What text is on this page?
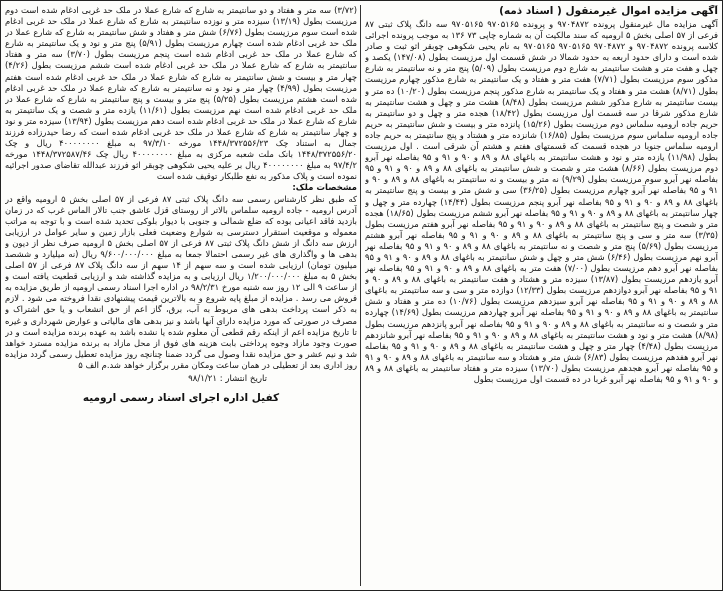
آگهی مزایده اموال غیرمنقول ( اسناد ذمه)

آگهی مزایده مال غیرمنقول پرونده ۹۷۰۴۸۷۲ و پرونده ۹۷۰۵۱۶۵ ۹۷۰۵۱۶۵ سه دانگ پلاک ثبتی ۸۷ فرعی از ۵۷ اصلی بخش ۵ ارومیه که سند مالکیت آن به شماره چاپی ۷۳ ۱۳۶ به موجب پرونده اجرائی کلاسه پرونده ۹۷۰۴۸۷۲ و ۹۷۰۴۸۷۲ ۹۷۰۵۱۶۵ ۹۷۰۵۱۶۵ به نام یحیی شکوهی چوبقر اثو ثبت و صادر شده است و دارای حدود اربعه به حدود شمالا در شش قسمت اول مرزیست بطول (۱۴۷/۰۸) یکصد و چهل و هفت متر و هشت سانتیمتر به شارع دوم مرزیست بطول (۵/۰۹) پنج متر و نه سانتیمتر به شارع مذکور سوم مرزیست بطول (۷/۷۱) هفت متر و هفتاد و یک سانتیمتر به شارع مذکور چهارم مرزیست بطول (۸/۷۱) هشت متر و هفتاد و یک سانتیمتر به شارع مذکور پنجم مرزیست بطول (۱۰/۲۰) ده متر و بیست سانتیمتر به شارع مذکور ششم مرزیست بطول (۸/۴۸) هشت متر و چهل و هشت سانتیمتر به شارع مذکور شرقا در سه قسمت اول مرزیست بطول (۱۸/۴۲) هجده متر و چهل و دو سانتیمتر به حریم جاده ارومیه سلماس دوم مرزیست بطول (۱۵/۲۶) پانزده متر و بیست و شش سانتیمتر به حریم جاده ارومیه سلماس سوم مرزیست بطول (۱۶/۸۵) شانزده متر و هشتاد و پنج سانتیمتر به حریم جاده ارومیه سلماس جنوبا در هجده قسمت که قسمتهای هفتم و هشتم آن شرقی است . اول مرزیست بطول (۱۱/۹۸) یازده متر و نود و هشت سانتیمتر به باغهای ۸۸ و ۸۹ و ۹۰ و ۹۱ و ۹۵ بفاصله نهر آبرو دوم مرزیست بطول (۸/۶۶) هشت متر و شصت و شش سانتیمتر به باغهای ۸۸ و ۸۹ و ۹۰ و ۹۱ و ۹۵ بفاصله نهر آبرو سوم مرزیست بطول (۹/۲۹) نه متر و بیست و نه سانتیمتر به باغهای ۸۸ و ۸۹ و ۹۰ و ۹۱ و ۹۵ بفاصله نهر آبرو چهارم مرزیست بطول (۳۶/۲۵) سی و شش متر و بیست و پنج سانتیمتر به باغهای ۸۸ و ۸۹ و ۹۰ و ۹۱ و ۹۵ بفاصله نهر آبرو پنجم مرزیست بطول (۱۴/۴۴) چهارده متر و چهل و چهار سانتیمتر به باغهای ۸۸ و ۸۹ و ۹۰ و ۹۱ و ۹۵ بفاصله نهر آبرو ششم مرزیست بطول (۱۸/۶۵) هجده متر و شصت و پنج سانتیمتر به باغهای ۸۸ و ۸۹ و ۹۰ و ۹۱ و ۹۵ بفاصله نهر آبرو هفتم مرزیست بطول (۳/۳۵) سه متر و سی و پنج سانتیمتر به باغهای ۸۸ و ۸۹ و ۹۰ و ۹۱ و ۹۵ بفاصله نهر آبرو هشتم مرزیست بطول (۵/۶۹) پنج متر و شصت و نه سانتیمتر به باغهای ۸۸ و ۸۹ و ۹۰ و ۹۱ و ۹۵ بفاصله نهر آبرو نهم مرزیست بطول (۶/۴۶) شش متر و چهل و شش سانتیمتر به باغهای ۸۸ و ۸۹ و ۹۰ و ۹۱ و ۹۵ بفاصله نهر آبرو دهم مرزیست بطول (۷/۰۰) هفت متر به باغهای ۸۸ و ۸۹ و ۹۰ و ۹۱ و ۹۵ بفاصله نهر آبرو یازدهم مرزیست بطول (۱۳/۸۷) سیزده متر و هشتاد و هفت سانتیمتر به باغهای ۸۸ و ۸۹ و ۹۰ و ۹۱ و ۹۵ بفاصله نهر آبرو دوازدهم مرزیست بطول (۱۲/۳۳) دوازده متر و سی و سه سانتیمتر به باغهای ۸۸ و ۸۹ و ۹۰ و ۹۱ و ۹۵ بفاصله نهر آبرو سیزدهم مرزیست بطول (۱۰/۷۶) ده متر و هفتاد و شش سانتیمتر به باغهای ۸۸ و ۸۹ و ۹۰ و ۹۱ و ۹۵ بفاصله نهر آبرو چهاردهم مرزیست بطول (۱۴/۶۹) چهارده متر و شصت و نه سانتیمتر به باغهای ۸۸ و ۸۹ و ۹۰ و ۹۱ و ۹۵ بفاصله نهر آبرو پانزدهم مرزیست بطول (۸/۹۸) هشت متر و نود و هشت سانتیمتر به باغهای ۸۸ و ۸۹ و ۹۰ و ۹۱ و ۹۵ بفاصله نهر آبرو شانزدهم مرزیست بطول (۴/۴۸) چهار متر و چهل و هشت سانتیمتر به باغهای ۸۸ و ۸۹ و ۹۰ و ۹۱ و ۹۵ بفاصله نهر آبرو هفدهم مرزیست بطول (۶/۸۳) شش متر و هشتاد و سه سانتیمتر به باغهای ۸۸ و ۸۹ و ۹۰ و ۹۱ و ۹۵ بفاصله نهر آبرو هجدهم مرزیست بطول (۱۳/۷۰) سیزده متر و هفتاد سانتیمتر به باغهای ۸۸ و ۸۹ و ۹۰ و ۹۱ و ۹۵ بفاصله نهر آبرو غربا در ده قسمت اول مرزیست بطول

(۳/۷۲) سه متر و هفتاد و دو سانتیمتر به شارع که شارع عملا در ملک حد غربی ادغام شده است دوم مرزیست بطول (۱۳/۱۹) سیزده متر و نوزده سانتیمتر به شارع که شارع عملا در ملک حد غربی ادغام شده است سوم مرزیست بطول (۶/۷۶) شش متر و هفتاد و شش سانتیمتر به شارع که شارع عملا در ملک حد غربی ادغام شده است چهارم مرزیست بطول (۵/۹۱) پنج متر و نود و یک سانتیمتر به شارع که شارع عملا در ملک حد غربی ادغام شده است پنجم مرزیست بطول (۳/۷۰) سه متر و هفتاد سانتیمتر به شارع که شارع عملا در ملک حد غربی ادغام شده است ششم مرزیست بطول (۴/۲۶) چهار متر و بیست و شش سانتیمتر به شارع که شارع عملا در ملک حد غربی ادغام شده است هفتم مرزیست بطول (۴/۹۹) چهار متر و نود و نه سانتیمتر به شارع که شارع عملا در ملک حد غربی ادغام شده است هشتم مرزیست بطول (۵/۲۵) پنج متر و بیست و پنج سانتیمتر به شارع که شارع عملا در ملک حد غربی ادغام شده است نهم مرزیست بطول (۱۱/۶۱) یازده متر و شصت و یک سانتیمتر به شارع که شارع عملا در ملک حد غربی ادغام شده است دهم مرزیست بطول (۱۳/۹۴) سیزده متر و نود و چهار سانتیمتر به شارع که شارع عملا در ملک حد غربی ادغام شده است که رضا حیدرزاده فرزند جمال به استناد چک ۱۴۴۸/۳۷۲۵۵۶/۲۳ مورخه ۹۷/۳/۱۰ به مبلغ ۴۰۰۰۰۰۰۰۰ ریال و چک ۱۴۴۸/۳۷۲۵۵۶/۲۰ بانک ملت شعبه مرکزی به مبلغ ۴۰۰۰۰۰۰۰۰ ریال چک ۱۴۴۸/۳۷۲۵۸۷/۴۶ مورخه ۹۷/۴/۲ به مبلغ ۴۰۰۰۰۰۰۰۰ ریال بر علیه یحیی شکوهی چوبقر اثو فرزند عبدالله تقاضای صدور اجرائیه نموده است و پلاک مذکور به نفع طلبکار توقیف شده است

مشخصات ملک:

که طبق نظر کارشناس رسمی سه دانگ پلاک ثبتی ۸۷ فرعی از ۵۷ اصلی بخش ۵ ارومیه واقع در آدرس ارومیه - جاده ارومیه سلماس بالاتر از روستای قزل عاشق جنب تالار الماس غرب که در زمان بازدید فاقد اعیانی بوده که ضلع شمالی و جنوبی با دیوار بلوکی تحدید شده است و با توجه به مراتب معموله و موقعیت استقرار دسترسی به شوارع وضعیت فعلی بازار زمین و سایر عوامل در ارزیابی ارزش سه دانگ از شش دانگ پلاک ثبتی ۸۷ فرعی از ۵۷ اصلی بخش ۵ ارومیه صرف نظر از دیون و بدهی ها و واگذاری های غیر رسمی احتمالا جمعا به مبلغ ۹/۶۰۰/۰۰۰/۰۰۰ ریال (نه میلیارد و ششصد میلیون تومان) ارزیابی شده است و سه سهم از ۱۴ سهم از سه دانگ پلاک ۸۷ فرعی از ۵۷ اصلی بخش ۵ به مبلغ ۱/۲۰۰/۰۰۰/۰۰۰ ریال ارزیابی و به مزایده گذاشته شد و ارزیابی قطعیت یافته است و از ساعت ۹ الی ۱۲ روز سه شنبه مورخ ۹۸/۲/۳۱ در اداره اجرا اسناد رسمی ارومیه از طریق مزایده به فروش می رسد . مزایده از مبلغ پایه شروع و به بالاترین قیمت پیشنهادی نقدا فروخته می شود . لازم به ذکر است پرداخت بدهی های مربوط به آب، برق، گاز اعم از حق انشعاب و یا حق اشتراک و مصرف در صورتی که مورد مزایده دارای آنها باشد و نیز بدهی های مالیاتی و عوارض شهرداری و غیره تا تاریخ مزایده اعم از اینکه رقم قطعی آن معلوم شده یا نشده باشد به عهده برنده مزایده است و در صورت وجود مازاد وجوه پرداختی بابت هزینه های فوق از محل مازاد به برنده مزایده مسترد خواهد شد و نیم عشر و حق مزایده نقدا وصول می گردد ضمنا چنانچه روز مزایده تعطیل رسمی گردد مزایده روز اداری بعد از تعطیلی در همان ساعت ومکان مقرر برگزار خواهد شد.م الف ۵

تاریخ انتشار : ۹۸/۱/۲۱

کفیل اداره اجرای اسناد رسمی ارومیه
